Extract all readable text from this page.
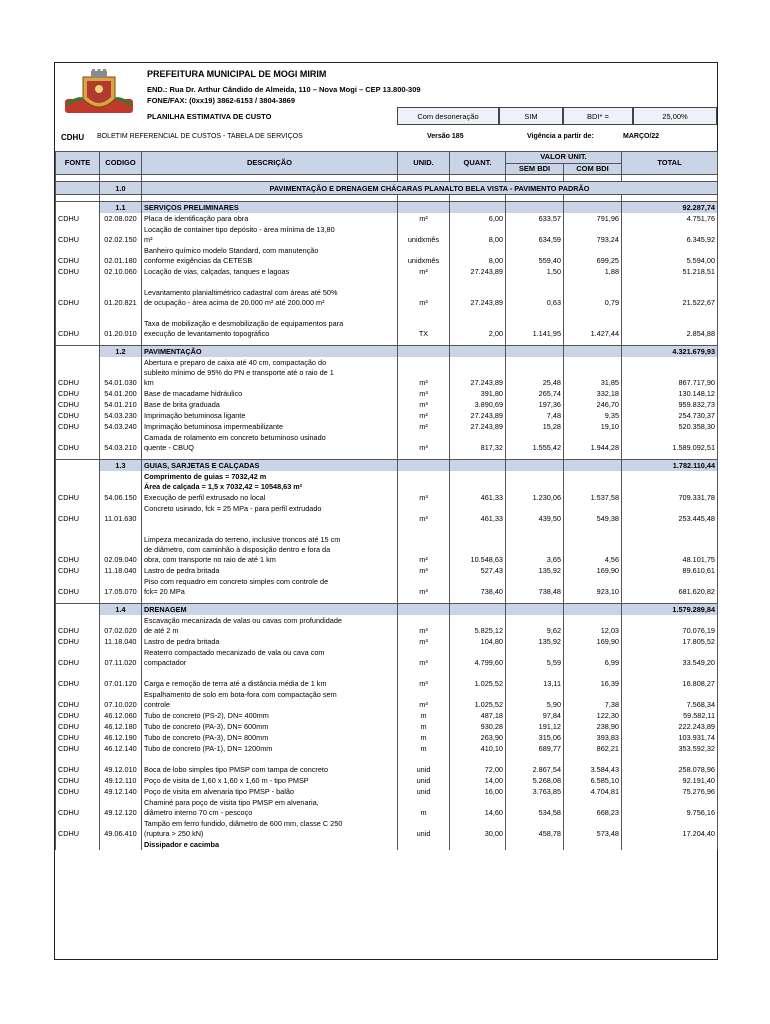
PREFEITURA MUNICIPAL DE MOGI MIRIM
END.: Rua Dr. Arthur Cândido de Almeida, 110 – Nova Mogi – CEP 13.800-309
FONE/FAX: (0xx19) 3862-6153 / 3804-3869
PLANILHA ESTIMATIVA DE CUSTO	Com desoneração	SIM	BDI* =	25,00%
CDHU BOLETIM REFERENCIAL DE CUSTOS - TABELA DE SERVIÇOS	Versão 185	Vigência a partir de:	MARÇO/22
FONTE	CODIGO	DESCRIÇÃO	UNID.	QUANT.	VALOR UNIT.		TOTAL
					SEM BDI	COM BDI	

	1.0	PAVIMENTAÇÃO E DRENAGEM CHÁCARAS PLANALTO BELA VISTA - PAVIMENTO PADRÃO					

	1.1	SERVIÇOS PRELIMINARES					92.287,74
CDHU	02.08.020	Placa de identificação para obra	m²	6,00	633,57	791,96	4.751,76
CDHU	02.02.150	Locação de container tipo depósito - área mínima de 13,80
m²	unidxmês	8,00	634,59	793,24	6.345,92
CDHU	02.01.180	Banheiro químico modelo Standard, com manutenção
conforme exigências da CETESB	unidxmês	8,00	559,40	699,25	5.594,00
CDHU	02.10.060	Locação de vias, calçadas, tanques e lagoas	m²	27.243,89	1,50	1,88	51.218,51
CDHU	01.20.821	Levantamento planialtimétrico cadastral com áreas até 50%
de ocupação - área acima de 20.000 m² até 200.000 m²	m²	27.243,89	0,63	0,79	21.522,67
CDHU	01.20.010	Taxa de mobilização e desmobilização de equipamentos para
execução de levantamento topográfico	TX	2,00	1.141,95	1.427,44	2.854,88

	1.2	PAVIMENTAÇÃO					4.321.679,93
CDHU	54.01.030	Abertura e preparo de caixa até 40 cm, compactação do
subleito mínimo de 95% do PN e transporte até o raio de 1
km	m²	27.243,89	25,48	31,85	867.717,90
CDHU	54.01.200	Base de macadame hidráulico	m³	391,80	265,74	332,18	130.148,12
CDHU	54.01.210	Base de brita graduada	m³	3.890,69	197,36	246,70	959.832,73
CDHU	54.03.230	Imprimação betuminosa ligante	m²	27.243,89	7,48	9,35	254.730,37
CDHU	54.03.240	Imprimação betuminosa impermeabilizante	m²	27.243,89	15,28	19,10	520.358,30
CDHU	54.03.210	Camada de rolamento em concreto betuminoso usinado
quente - CBUQ	m³	817,32	1.555,42	1.944,28	1.589.092,51

	1.3	GUIAS, SARJETAS E CALÇADAS					1.782.110,44

		Comprimento de guias = 7032,42 m
Área de calçada = 1,5 x 7032,42 = 10548,63 m²					

CDHU	54.06.150	Execução de perfil extrusado no local	m³	461,33	1.230,06	1.537,58	709.331,78
CDHU	11.01.630	Concreto usinado, fck = 25 MPa - para perfil extrudado	m³	461,33	439,50	549,38	253.445,48
CDHU	02.09.040	Limpeza mecanizada do terreno, inclusive troncos até 15 cm
de diâmetro, com caminhão à disposição dentro e fora da
obra, com transporte no raio de até 1 km	m²	10.548,63	3,65	4,56	48.101,75
CDHU	11.18.040	Lastro de pedra britada	m³	527,43	135,92	169,90	89.610,61
CDHU	17.05.070	Piso com requadro em concreto simples com controle de
fck= 20 MPa	m³	738,40	738,48	923,10	681.620,82

	1.4	DRENAGEM					1.579.289,84
CDHU	07.02.020	Escavação mecanizada de valas ou cavas com profundidade
de até 2 m	m³	5.825,12	9,62	12,03	70.076,19
CDHU	11.18.040	Lastro de pedra britada	m³	104,80	135,92	169,90	17.805,52
CDHU	07.11.020	Reaterro compactado mecanizado de vala ou cava com
compactador	m³	4.799,60	5,59	6,99	33.549,20
CDHU	07.01.120	Carga e remoção de terra até a distância média de 1 km	m³	1.025,52	13,11	16,39	16.808,27
CDHU	07.10.020	Espalhamento de solo em bota-fora com compactação sem
controle	m³	1.025,52	5,90	7,38	7.568,34
CDHU	46.12.060	Tubo de concreto (PS-2), DN= 400mm	m	487,18	97,84	122,30	59.582,11
CDHU	46.12.180	Tubo de concreto (PA-3), DN= 600mm	m	930,28	191,12	238,90	222.243,89
CDHU	46.12.190	Tubo de concreto (PA-3), DN= 800mm	m	263,90	315,06	393,83	103.931,74
CDHU	46.12.140	Tubo de concreto (PA-1), DN= 1200mm	m	410,10	689,77	862,21	353.592,32
CDHU	49.12.010	Boca de lobo simples tipo PMSP com tampa de concreto	unid	72,00	2.867,54	3.584,43	258.078,96
CDHU	49.12.110	Poço de visita de 1,60 x 1,60 x 1,60 m - tipo PMSP	unid	14,00	5.268,08	6.585,10	92.191,40
CDHU	49.12.140	Poço de visita em alvenaria tipo PMSP - balão	unid	16,00	3.763,85	4.704,81	75.276,96
CDHU	49.12.120	Chaminé para poço de visita tipo PMSP em alvenaria,
diâmetro interno 70 cm - pescoço	m	14,60	534,58	668,23	9.756,16
CDHU	49.06.410	Tampão em ferro fundido, diâmetro de 600 mm, classe C 250
(ruptura > 250 kN)	unid	30,00	458,78	573,48	17.204,40

		Dissipador e cacimba					
